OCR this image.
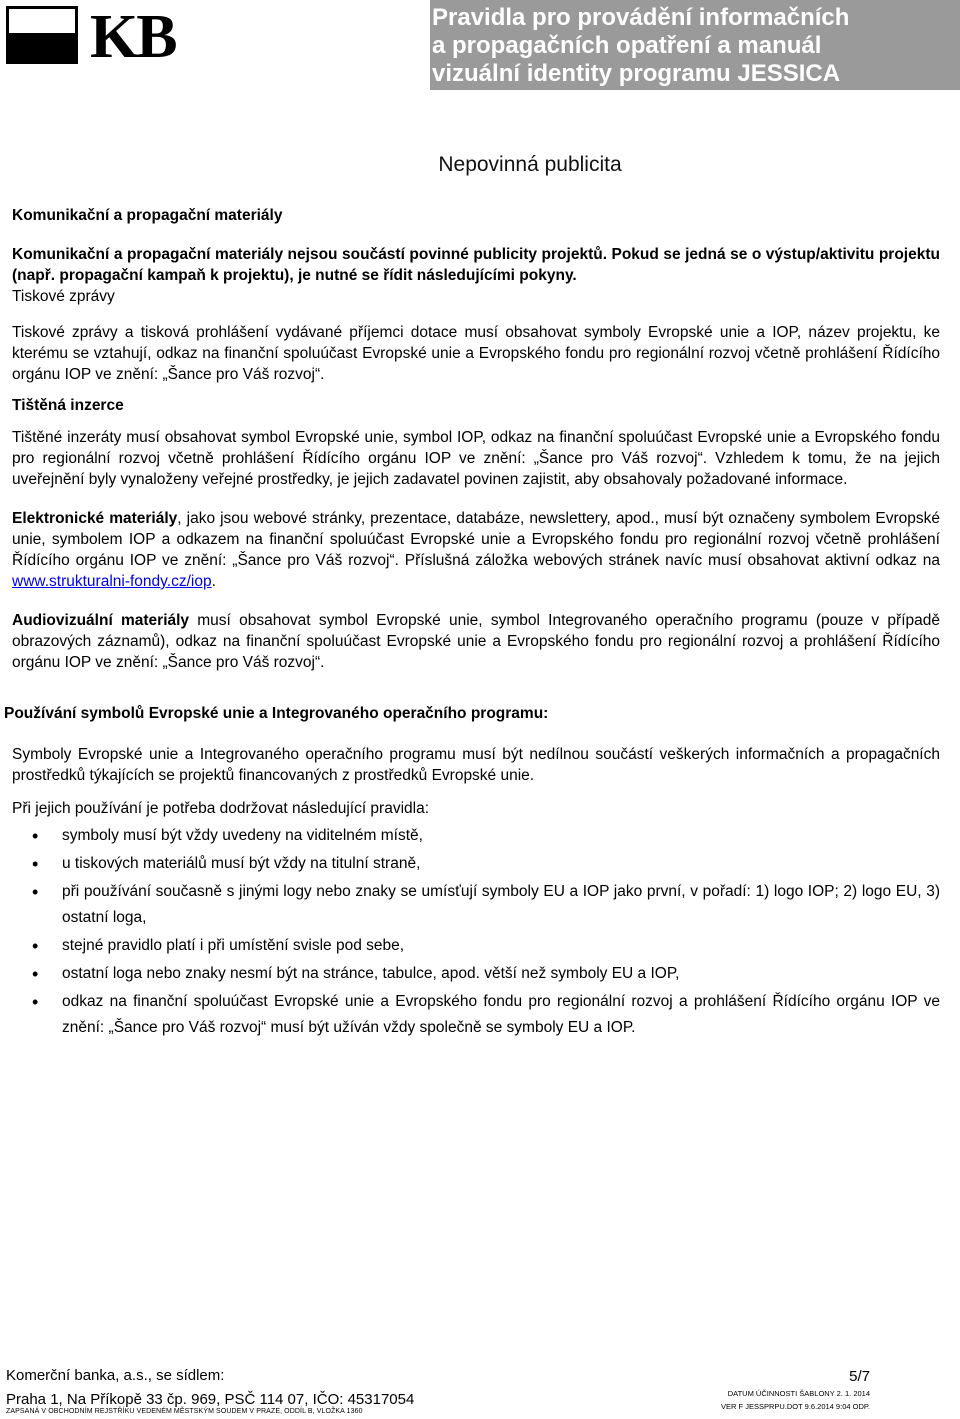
KB	Pravidla pro provádění informačních
a propagačních opatření a manuál
vizuální identity programu JESSICA
Nepovinná publicita

Komunikační a propagační materiály

Komunikační a propagační materiály nejsou součástí povinné publicity projektů. Pokud se jedná se o výstup/aktivitu projektu (např. propagační kampaň k projektu), je nutné se řídit následujícími pokyny.

Tiskové zprávy

Tiskové zprávy a tisková prohlášení vydávané příjemci dotace musí obsahovat symboly Evropské unie a IOP, název projektu, ke kterému se vztahují, odkaz na finanční spoluúčast Evropské unie a Evropského fondu pro regionální rozvoj včetně prohlášení Řídícího orgánu IOP ve znění: „Šance pro Váš rozvoj“.

Tištěná inzerce

Tištěné inzeráty musí obsahovat symbol Evropské unie, symbol IOP, odkaz na finanční spoluúčast Evropské unie a Evropského fondu pro regionální rozvoj včetně prohlášení Řídícího orgánu IOP ve znění: „Šance pro Váš rozvoj“. Vzhledem k tomu, že na jejich uveřejnění byly vynaloženy veřejné prostředky, je jejich zadavatel povinen zajistit, aby obsahovaly požadované informace.

Elektronické materiály, jako jsou webové stránky, prezentace, databáze, newslettery, apod., musí být označeny symbolem Evropské unie, symbolem IOP a odkazem na finanční spoluúčast Evropské unie a Evropského fondu pro regionální rozvoj včetně prohlášení Řídícího orgánu IOP ve znění: „Šance pro Váš rozvoj“. Příslušná záložka webových stránek navíc musí obsahovat aktivní odkaz na www.strukturalni-fondy.cz/iop.

Audiovizuální materiály musí obsahovat symbol Evropské unie, symbol Integrovaného operačního programu (pouze v případě obrazových záznamů), odkaz na finanční spoluúčast Evropské unie a Evropského fondu pro regionální rozvoj a prohlášení Řídícího orgánu IOP ve znění: „Šance pro Váš rozvoj“.

Používání symbolů Evropské unie a Integrovaného operačního programu:

Symboly Evropské unie a Integrovaného operačního programu musí být nedílnou součástí veškerých informačních a propagačních prostředků týkajících se projektů financovaných z prostředků Evropské unie.

Při jejich používání je potřeba dodržovat následující pravidla:

• symboly musí být vždy uvedeny na viditelném místě,
• u tiskových materiálů musí být vždy na titulní straně,
• při používání současně s jinými logy nebo znaky se umísťují symboly EU a IOP jako první, v pořadí: 1) logo IOP; 2) logo EU, 3) ostatní loga,
• stejné pravidlo platí i při umístění svisle pod sebe,
• ostatní loga nebo znaky nesmí být na stránce, tabulce, apod. větší než symboly EU a IOP,
• odkaz na finanční spoluúčast Evropské unie a Evropského fondu pro regionální rozvoj a prohlášení Řídícího orgánu IOP ve znění: „Šance pro Váš rozvoj“ musí být užíván vždy společně se symboly EU a IOP.
Komerční banka, a.s., se sídlem:
Praha 1, Na Příkopě 33 čp. 969, PSČ 114 07, IČO: 45317054
ZAPSANÁ V OBCHODNÍM REJSTŘÍKU VEDENÉM MĚSTSKÝM SOUDEM V PRAZE, ODDÍL B, VLOŽKA 1360
5/7
DATUM ÚČINNOSTI ŠABLONY 2. 1. 2014
VER F JESSPRPU.DOT 9.6.2014 9:04 ODP.
